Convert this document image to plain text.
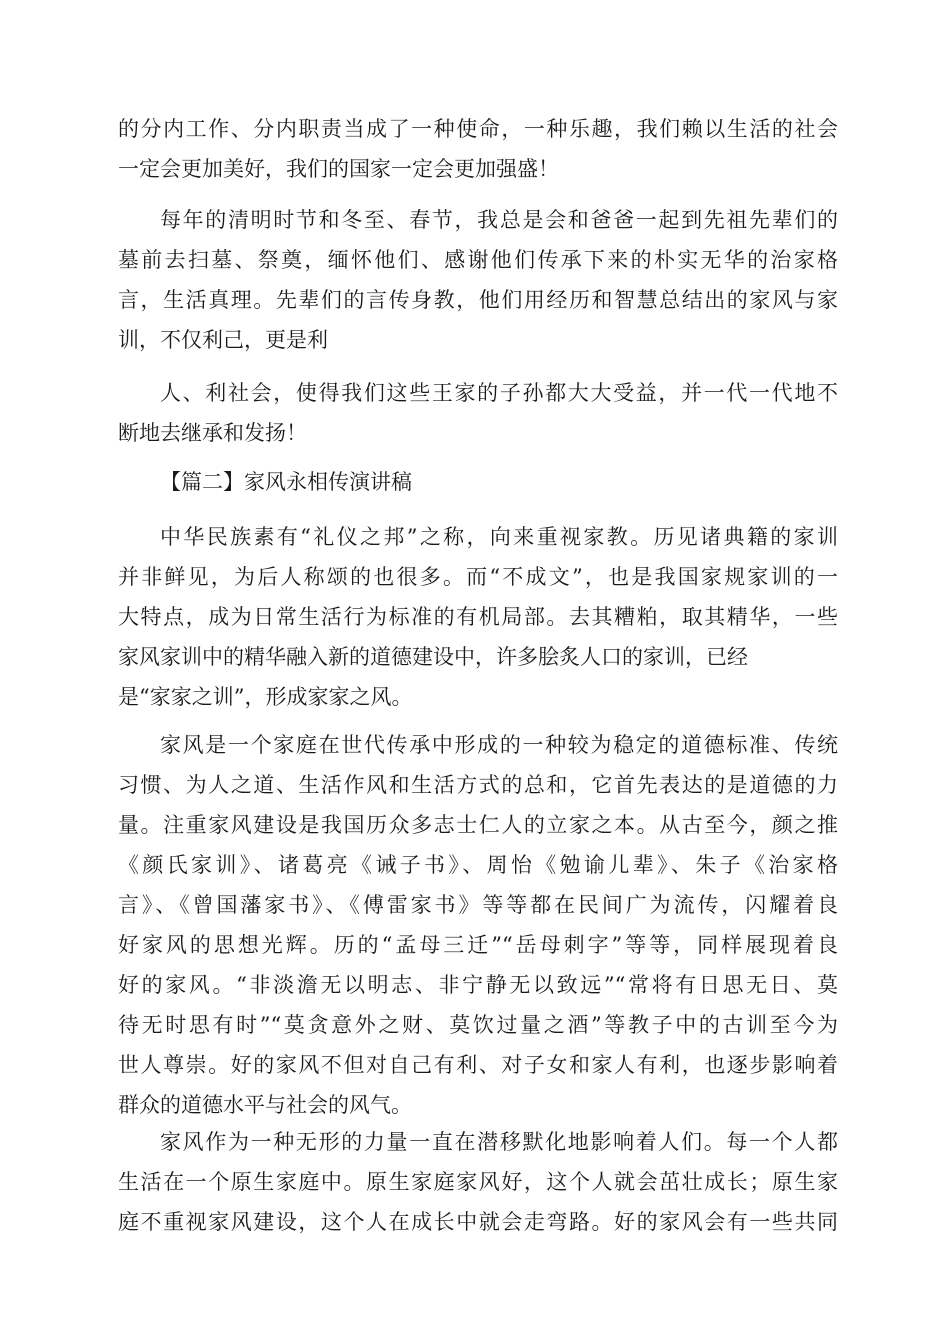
的分内工作、分内职责当成了一种使命，一种乐趣，我们赖以生活的社会
一定会更加美好，我们的国家一定会更加强盛！
每年的清明时节和冬至、春节，我总是会和爸爸一起到先祖先辈们的
墓前去扫墓、祭奠，缅怀他们、感谢他们传承下来的朴实无华的治家格
言，生活真理。先辈们的言传身教，他们用经历和智慧总结出的家风与家
训，不仅利己，更是利
人、利社会，使得我们这些王家的子孙都大大受益，并一代一代地不
断地去继承和发扬！
【篇二】家风永相传演讲稿
中华民族素有“礼仪之邦”之称，向来重视家教。历见诸典籍的家训
并非鲜见，为后人称颂的也很多。而“不成文”，也是我国家规家训的一
大特点，成为日常生活行为标准的有机局部。去其糟粕，取其精华，一些
家风家训中的精华融入新的道德建设中，许多脍炙人口的家训，已经
是“家家之训”，形成家家之风。
家风是一个家庭在世代传承中形成的一种较为稳定的道德标准、传统
习惯、为人之道、生活作风和生活方式的总和，它首先表达的是道德的力
量。注重家风建设是我国历众多志士仁人的立家之本。从古至今，颜之推
《颜氏家训》、诸葛亮《诫子书》、周怡《勉谕儿辈》、朱子《治家格
言》、《曾国藩家书》、《傅雷家书》等等都在民间广为流传，闪耀着良
好家风的思想光辉。历的“孟母三迁”“岳母刺字”等等，同样展现着良
好的家风。“非淡澹无以明志、非宁静无以致远”“常将有日思无日、莫
待无时思有时”“莫贪意外之财、莫饮过量之酒”等教子中的古训至今为
世人尊崇。好的家风不但对自己有利、对子女和家人有利，也逐步影响着
群众的道德水平与社会的风气。
家风作为一种无形的力量一直在潜移默化地影响着人们。每一个人都
生活在一个原生家庭中。原生家庭家风好，这个人就会茁壮成长；原生家
庭不重视家风建设，这个人在成长中就会走弯路。好的家风会有一些共同
